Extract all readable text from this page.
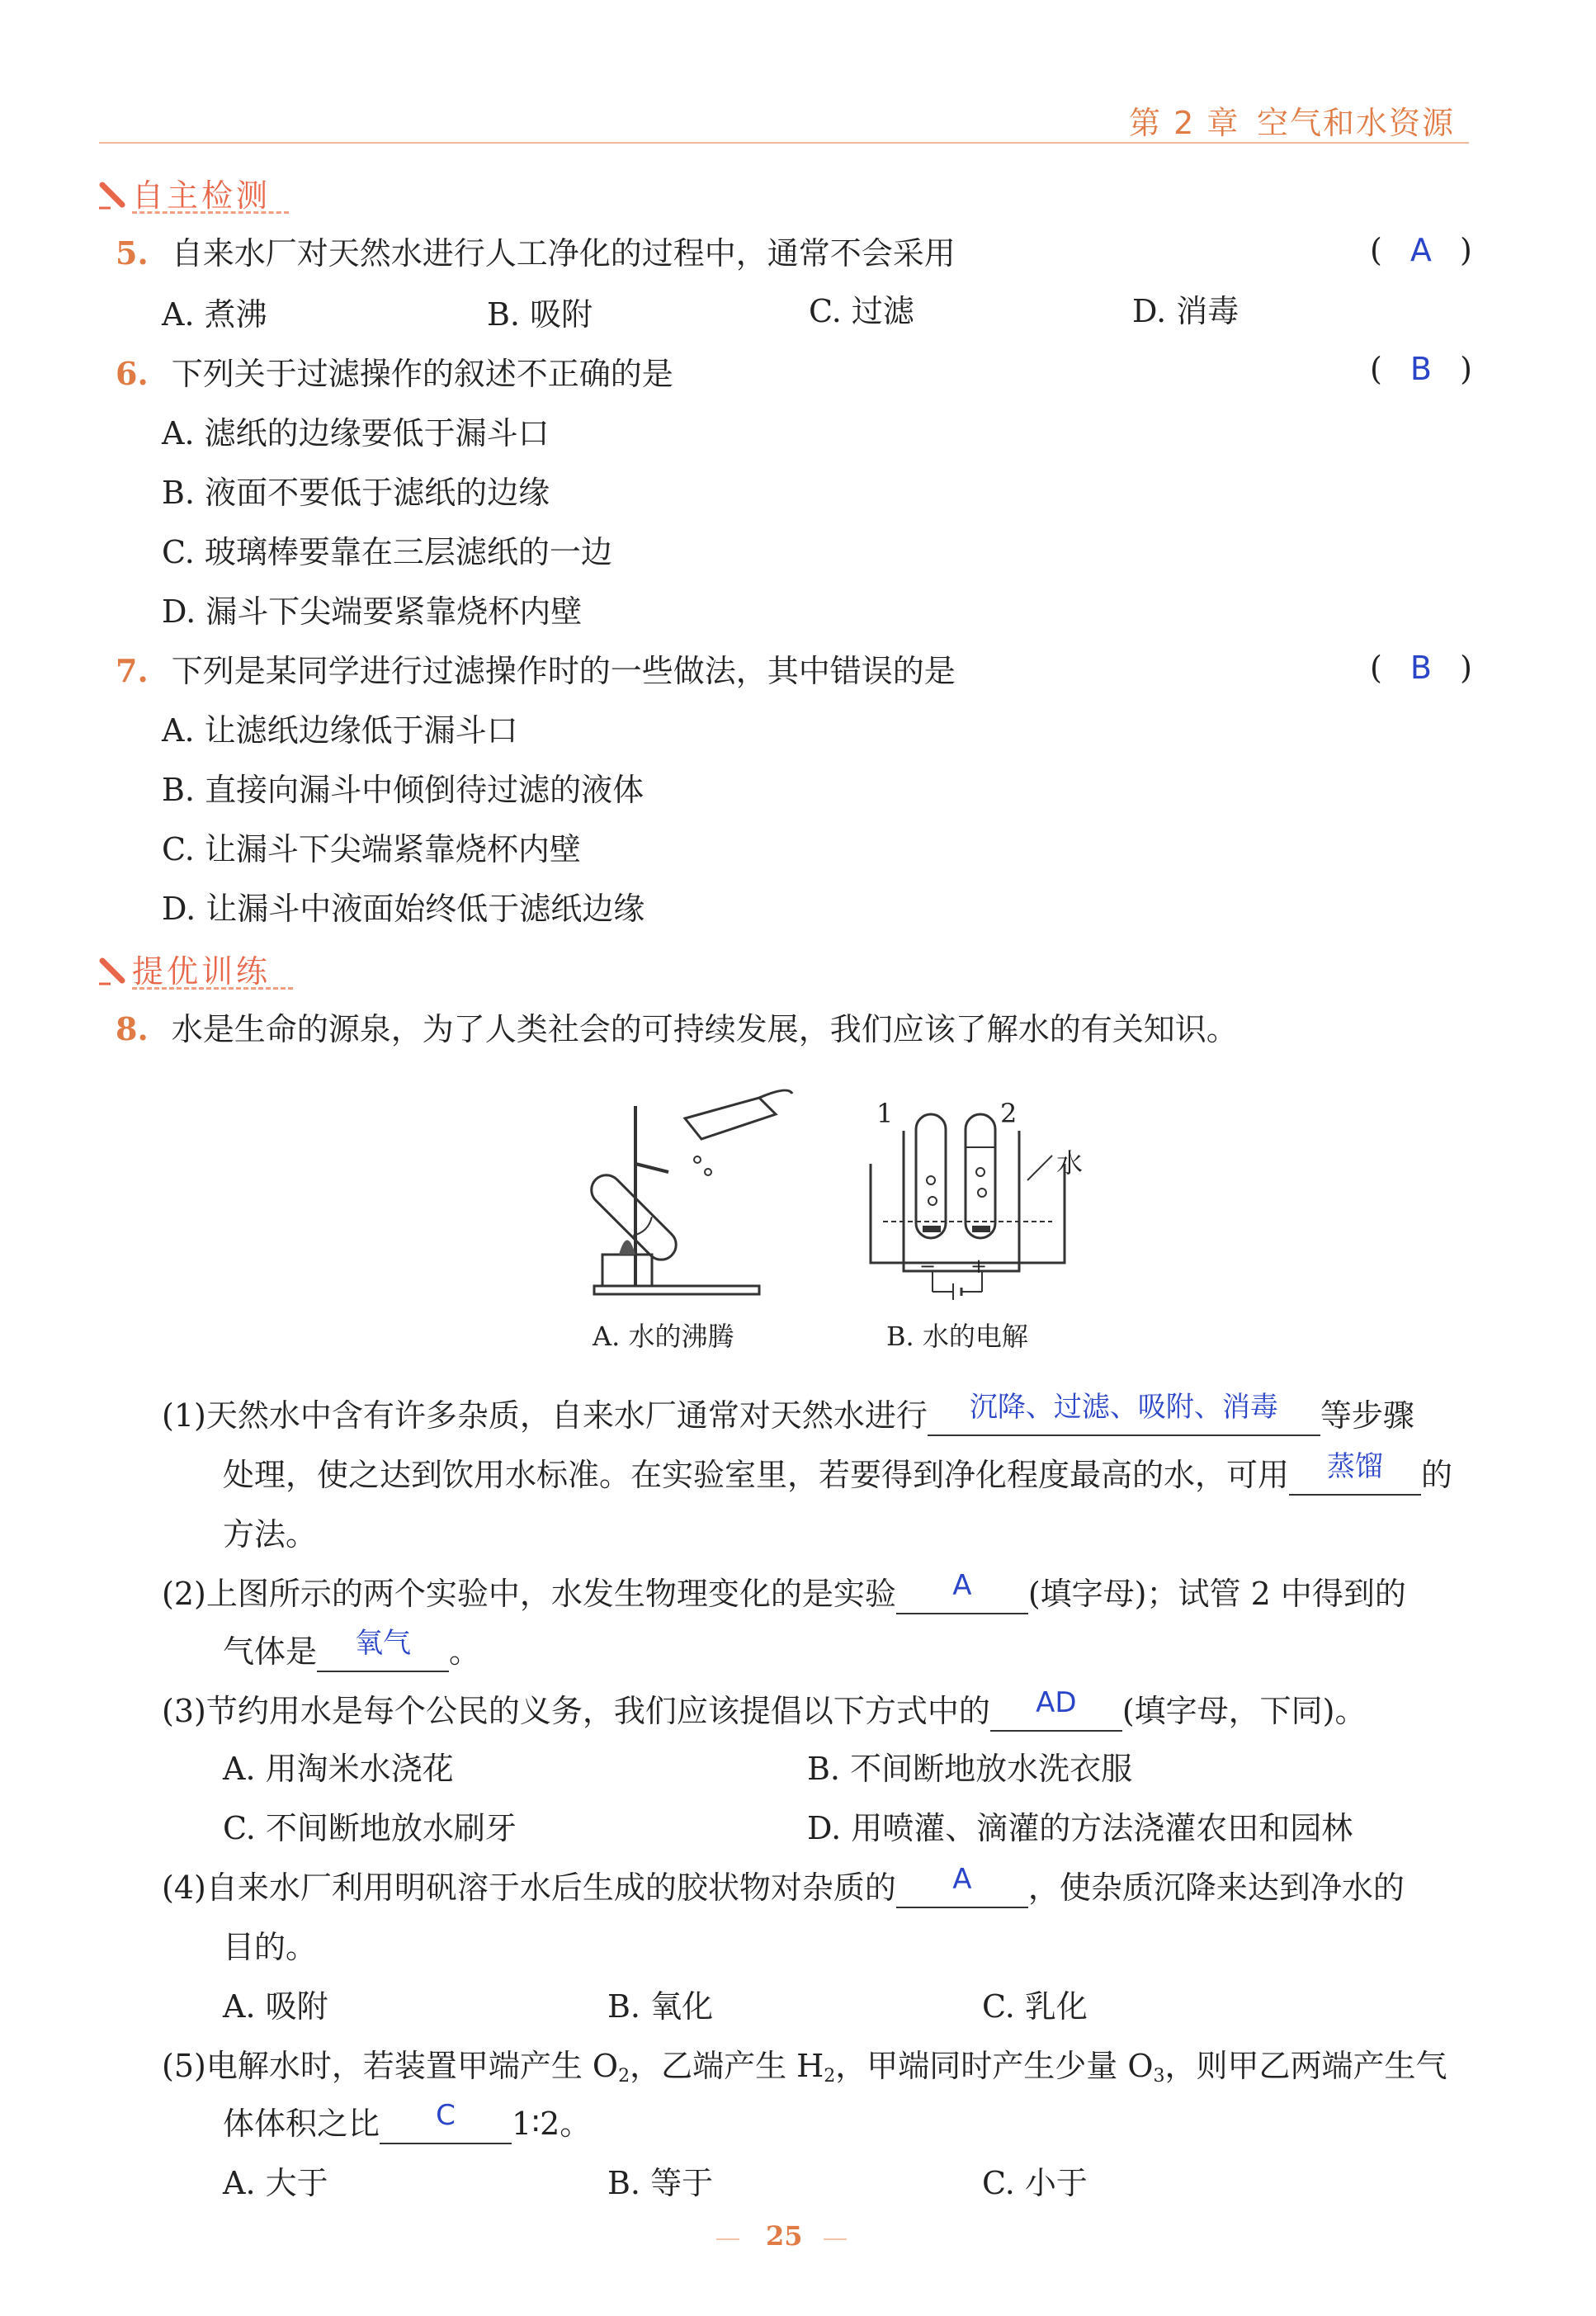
第 2 章 空气和水资源
自主检测
5. 自来水厂对天然水进行人工净化的过程中，通常不会采用	( A )
A. 煮沸	B. 吸附	C. 过滤	D. 消毒
6. 下列关于过滤操作的叙述不正确的是	( B )
A. 滤纸的边缘要低于漏斗口
B. 液面不要低于滤纸的边缘
C. 玻璃棒要靠在三层滤纸的一边
D. 漏斗下尖端要紧靠烧杯内壁
7. 下列是某同学进行过滤操作时的一些做法，其中错误的是	( B )
A. 让滤纸边缘低于漏斗口
B. 直接向漏斗中倾倒待过滤的液体
C. 让漏斗下尖端紧靠烧杯内壁
D. 让漏斗中液面始终低于滤纸边缘
提优训练
8. 水是生命的源泉，为了人类社会的可持续发展，我们应该了解水的有关知识。
1	2
水
− +
A. 水的沸腾	B. 水的电解
(1)天然水中含有许多杂质，自来水厂通常对天然水进行	沉降、过滤、吸附、消毒	等步骤
处理，使之达到饮用水标准。在实验室里，若要得到净化程度最高的水，可用	蒸馏	的
方法。
(2)上图所示的两个实验中，水发生物理变化的是实验	A	(填字母)；试管 2 中得到的
气体是	氧气	。
(3)节约用水是每个公民的义务，我们应该提倡以下方式中的	AD	(填字母，下同)。
A. 用淘米水浇花	B. 不间断地放水洗衣服
C. 不间断地放水刷牙	D. 用喷灌、滴灌的方法浇灌农田和园林
(4)自来水厂利用明矾溶于水后生成的胶状物对杂质的	A	，使杂质沉降来达到净水的
目的。
A. 吸附	B. 氧化	C. 乳化
(5)电解水时，若装置甲端产生 $O_2$，乙端产生 $H_2$，甲端同时产生少量 $O_3$，则甲乙两端产生气
体体积之比	C	1∶2。
A. 大于	B. 等于	C. 小于
25
